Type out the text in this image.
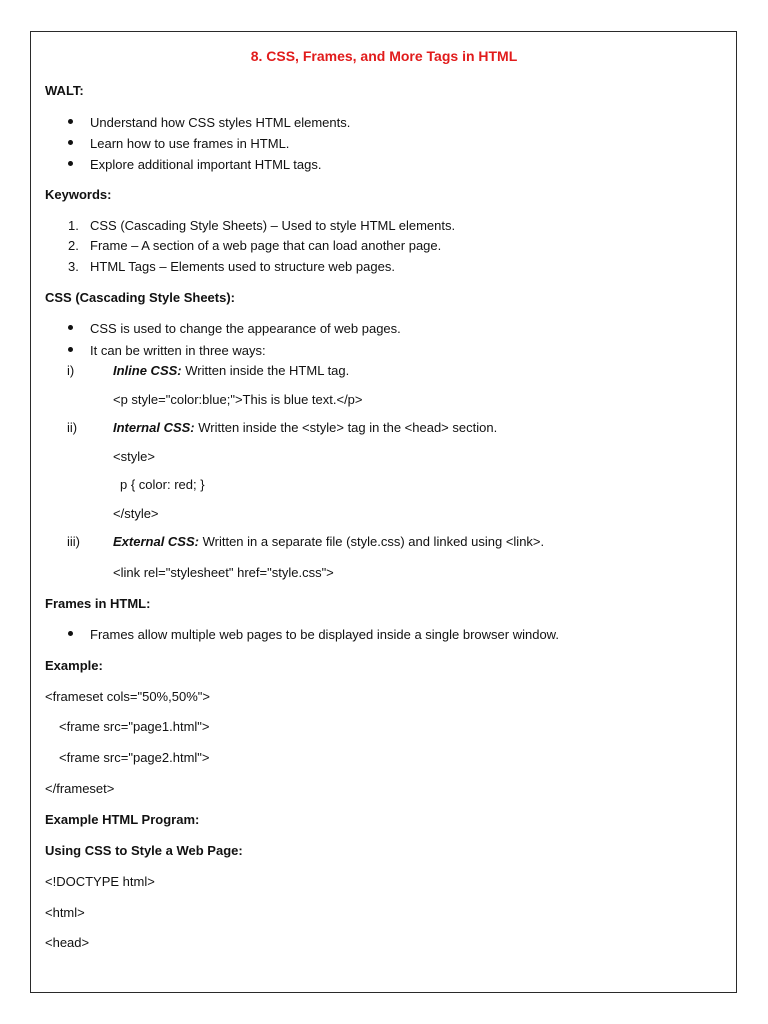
8. CSS, Frames, and More Tags in HTML
WALT:
Understand how CSS styles HTML elements.
Learn how to use frames in HTML.
Explore additional important HTML tags.
Keywords:
1. CSS (Cascading Style Sheets) – Used to style HTML elements.
2. Frame – A section of a web page that can load another page.
3. HTML Tags – Elements used to structure web pages.
CSS (Cascading Style Sheets):
CSS is used to change the appearance of web pages.
It can be written in three ways:
i)	Inline CSS: Written inside the HTML tag.
<p style="color:blue;">This is blue text.</p>
ii)	Internal CSS: Written inside the <style> tag in the <head> section.
<style>
p { color: red; }
</style>
iii)	External CSS: Written in a separate file (style.css) and linked using <link>.
<link rel="stylesheet" href="style.css">
Frames in HTML:
Frames allow multiple web pages to be displayed inside a single browser window.
Example:
<frameset cols="50%,50%">
<frame src="page1.html">
<frame src="page2.html">
</frameset>
Example HTML Program:
Using CSS to Style a Web Page:
<!DOCTYPE html>
<html>
<head>
